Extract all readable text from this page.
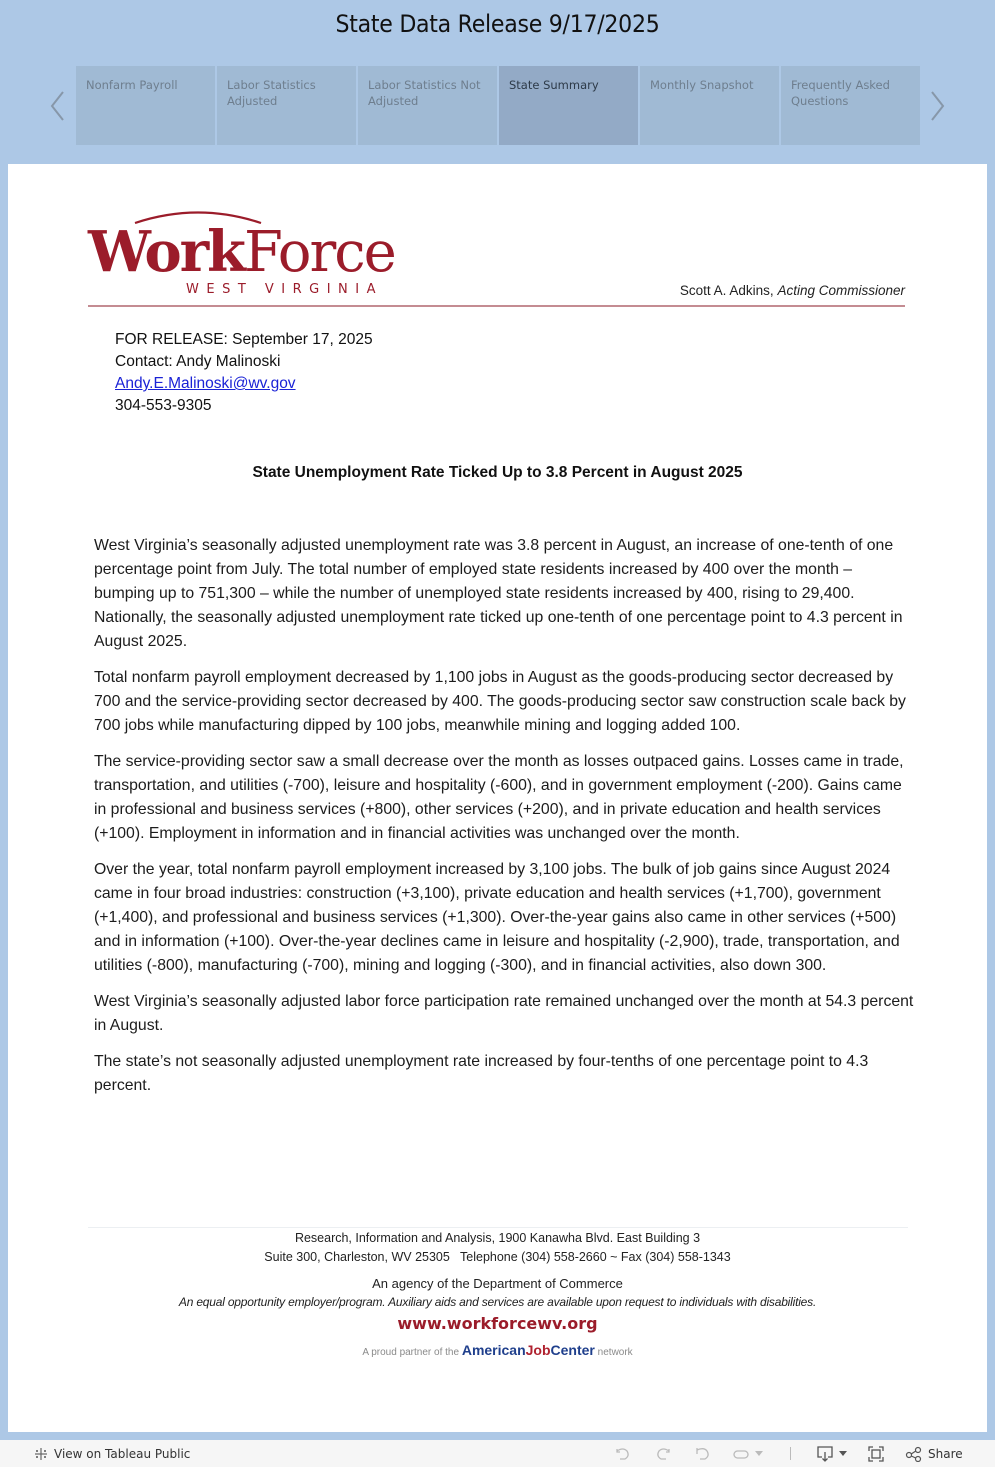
State Data Release 9/17/2025
Nonfarm Payroll	Labor Statistics Adjusted
Labor Statistics Not Adjusted
State Summary	Monthly Snapshot	Frequently Asked Questions
WorkForce
WEST VIRGINIA	Scott A. Adkins, Acting Commissioner
FOR RELEASE: September 17, 2025
Contact: Andy Malinoski
Andy.E.Malinoski@wv.gov
304-553-9305
State Unemployment Rate Ticked Up to 3.8 Percent in August 2025

West Virginia’s seasonally adjusted unemployment rate was 3.8 percent in August, an increase of one-tenth of one percentage point from July. The total number of employed state residents increased by 400 over the month – bumping up to 751,300 – while the number of unemployed state residents increased by 400, rising to 29,400. Nationally, the seasonally adjusted unemployment rate ticked up one-tenth of one percentage point to 4.3 percent in August 2025.

Total nonfarm payroll employment decreased by 1,100 jobs in August as the goods-producing sector decreased by 700 and the service-providing sector decreased by 400. The goods-producing sector saw construction scale back by 700 jobs while manufacturing dipped by 100 jobs, meanwhile mining and logging added 100.

The service-providing sector saw a small decrease over the month as losses outpaced gains. Losses came in trade, transportation, and utilities (-700), leisure and hospitality (-600), and in government employment (-200). Gains came in professional and business services (+800), other services (+200), and in private education and health services (+100). Employment in information and in financial activities was unchanged over the month.

Over the year, total nonfarm payroll employment increased by 3,100 jobs. The bulk of job gains since August 2024 came in four broad industries: construction (+3,100), private education and health services (+1,700), government (+1,400), and professional and business services (+1,300). Over-the-year gains also came in other services (+500) and in information (+100). Over-the-year declines came in leisure and hospitality (-2,900), trade, transportation, and utilities (-800), manufacturing (-700), mining and logging (-300), and in financial activities, also down 300.

West Virginia’s seasonally adjusted labor force participation rate remained unchanged over the month at 54.3 percent in August.

The state’s not seasonally adjusted unemployment rate increased by four-tenths of one percentage point to 4.3 percent.

Research, Information and Analysis, 1900 Kanawha Blvd. East Building 3
Suite 300, Charleston, WV 25305   Telephone (304) 558-2660 ~ Fax (304) 558-1343
An agency of the Department of Commerce
An equal opportunity employer/program. Auxiliary aids and services are available upon request to individuals with disabilities.
www.workforcewv.org
A proud partner of the AmericanJobCenter network
View on Tableau Public	Share
